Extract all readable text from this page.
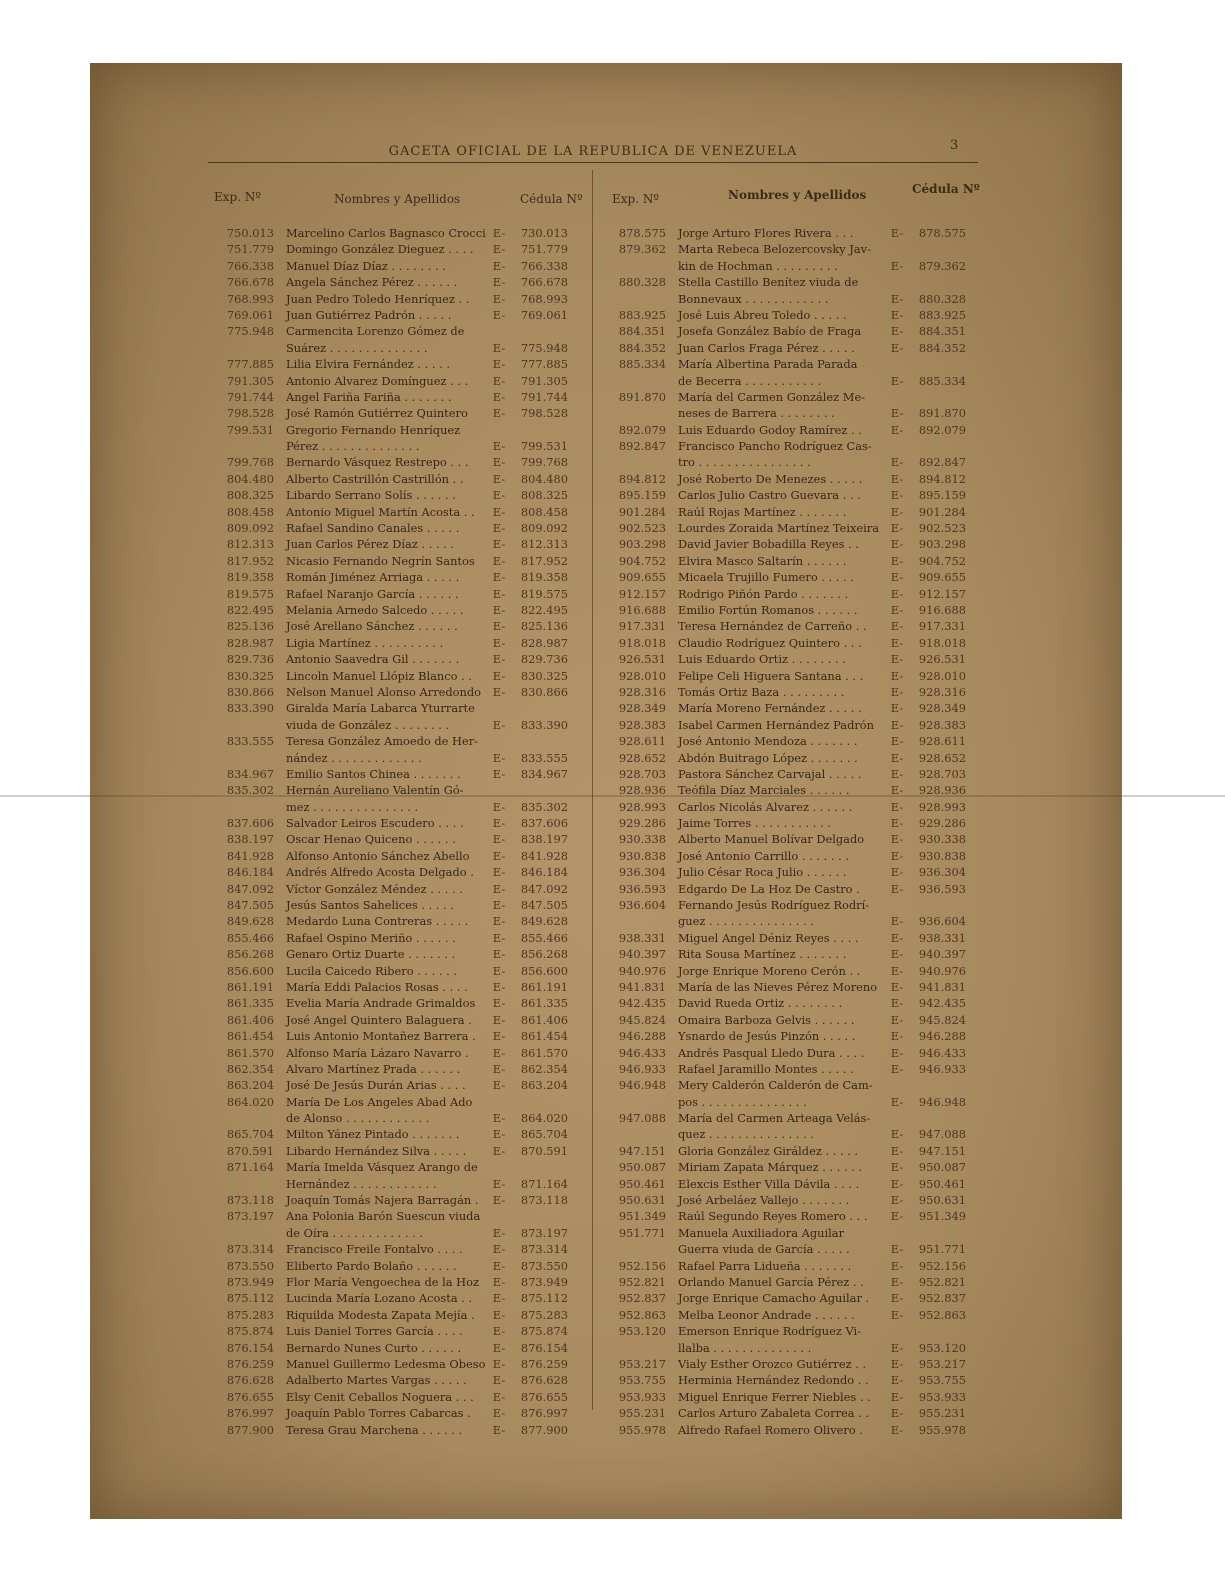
GACETA OFICIAL DE LA REPUBLICA DE VENEZUELA	3
Exp. Nº	Nombres y Apellidos	Cédula Nº Exp. Nº	Nombres y Apellidos	Cédula Nº
750.013	Marcelino Carlos Bagnasco Crocci E-	730.013
751.779	Domingo González Dieguez . . . .	E-	751.779
766.338	Manuel Díaz Díaz . . . . . . . .	E-	766.338
766.678	Angela Sánchez Pérez . . . . . .	E-	766.678
768.993	Juan Pedro Toledo Henríquez . .	E-	768.993
769.061	Juan Gutiérrez Padrón . . . . .	E-	769.061
775.948	Carmencita Lorenzo Gómez de
Suárez . . . . . . . . . . . . . .	E-	775.948
777.885	Lilia Elvira Fernández . . . . .	E-	777.885
791.305	Antonio Alvarez Domínguez . . .	E-	791.305
791.744	Angel Fariña Fariña . . . . . . .	E-	791.744
798.528	José Ramón Gutiérrez Quintero	E-	798.528
799.531	Gregorio Fernando Henríquez
Pérez . . . . . . . . . . . . . .	E-	799.531
799.768	Bernardo Vásquez Restrepo . . .	E-	799.768
804.480	Alberto Castrillón Castrillón . .	E-	804.480
808.325	Libardo Serrano Solís . . . . . .	E-	808.325
808.458	Antonio Miguel Martín Acosta . .	E-	808.458
809.092	Rafael Sandino Canales . . . . .	E-	809.092
812.313	Juan Carlos Pérez Díaz . . . . .	E-	812.313
817.952	Nicasio Fernando Negrín Santos	E-	817.952
819.358	Román Jiménez Arriaga . . . . .	E-	819.358
819.575	Rafael Naranjo García . . . . . .	E-	819.575
822.495	Melania Arnedo Salcedo . . . . .	E-	822.495
825.136	José Arellano Sánchez . . . . . .	E-	825.136
828.987	Ligia Martínez . . . . . . . . . .	E-	828.987
829.736	Antonio Saavedra Gil . . . . . . .	E-	829.736
830.325	Lincoln Manuel Llópiz Blanco . .	E-	830.325
830.866	Nelson Manuel Alonso Arredondo	E-	830.866
833.390	Giralda María Labarca Yturrarte
viuda de González . . . . . . . .	E-	833.390
833.555	Teresa González Amoedo de Her-
nández . . . . . . . . . . . . .	E-	833.555
834.967	Emilio Santos Chinea . . . . . . .	E-	834.967
835.302	Hernán Aureliano Valentín Gó-
mez . . . . . . . . . . . . . . .	E-	835.302
837.606	Salvador Leiros Escudero . . . .	E-	837.606
838.197	Oscar Henao Quiceno . . . . . .	E-	838.197
841.928	Alfonso Antonio Sánchez Abello	E-	841.928
846.184	Andrés Alfredo Acosta Delgado .	E-	846.184
847.092	Víctor González Méndez . . . . .	E-	847.092
847.505	Jesús Santos Sahelices . . . . .	E-	847.505
849.628	Medardo Luna Contreras . . . . .	E-	849.628
855.466	Rafael Ospino Meriño . . . . . .	E-	855.466
856.268	Genaro Ortiz Duarte . . . . . . .	E-	856.268
856.600	Lucila Caicedo Ribero . . . . . .	E-	856.600
861.191	María Eddi Palacios Rosas . . . .	E-	861.191
861.335	Evelia María Andrade Grimaldos	E-	861.335
861.406	José Angel Quintero Balaguera .	E-	861.406
861.454	Luis Antonio Montañez Barrera .	E-	861.454
861.570	Alfonso María Lázaro Navarro .	E-	861.570
862.354	Alvaro Martínez Prada . . . . . .	E-	862.354
863.204	José De Jesús Durán Arias . . . .	E-	863.204
864.020	María De Los Angeles Abad Ado
de Alonso . . . . . . . . . . . .	E-	864.020
865.704	Milton Yánez Pintado . . . . . . .	E-	865.704
870.591	Libardo Hernández Silva . . . . .	E-	870.591
871.164	María Imelda Vásquez Arango de
Hernández . . . . . . . . . . . .	E-	871.164
873.118	Joaquín Tomás Najera Barragán .	E-	873.118
873.197	Ana Polonia Barón Suescun viuda
de Oíra . . . . . . . . . . . . .	E-	873.197
873.314	Francisco Freile Fontalvo . . . .	E-	873.314
873.550	Eliberto Pardo Bolaño . . . . . .	E-	873.550
873.949	Flor María Vengoechea de la Hoz	E-	873.949
875.112	Lucinda María Lozano Acosta . .	E-	875.112
875.283	Riquilda Modesta Zapata Mejía .	E-	875.283
875.874	Luis Daniel Torres García . . . .	E-	875.874
876.154	Bernardo Nunes Curto . . . . . .	E-	876.154
876.259	Manuel Guillermo Ledesma Obeso E-	876.259
876.628	Adalberto Martes Vargas . . . . .	E-	876.628
876.655	Elsy Cenit Ceballos Noguera . . .	E-	876.655
876.997	Joaquín Pablo Torres Cabarcas .	E-	876.997
877.900	Teresa Grau Marchena . . . . . .	E-	877.900
878.575	Jorge Arturo Flores Rivera . . .	E-	878.575
879.362	Marta Rebeca Belozercovsky Jav-
kin de Hochman . . . . . . . . .	E-	879.362
880.328	Stella Castillo Benítez viuda de
Bonnevaux . . . . . . . . . . . .	E-	880.328
883.925	José Luis Abreu Toledo . . . . .	E-	883.925
884.351	Josefa González Babío de Fraga	E-	884.351
884.352	Juan Carlos Fraga Pérez . . . . .	E-	884.352
885.334	María Albertina Parada Parada
de Becerra . . . . . . . . . . .	E-	885.334
891.870	María del Carmen González Me-
neses de Barrera . . . . . . . .	E-	891.870
892.079	Luis Eduardo Godoy Ramírez . .	E-	892.079
892.847	Francisco Pancho Rodríguez Cas-
tro . . . . . . . . . . . . . . . .	E-	892.847
894.812	José Roberto De Menezes . . . . .	E-	894.812
895.159	Carlos Julio Castro Guevara . . .	E-	895.159
901.284	Raúl Rojas Martínez . . . . . . .	E-	901.284
902.523	Lourdes Zoraida Martínez Teixeira	E-	902.523
903.298	David Javier Bobadilla Reyes . .	E-	903.298
904.752	Elvira Masco Saltarín . . . . . .	E-	904.752
909.655	Micaela Trujillo Fumero . . . . .	E-	909.655
912.157	Rodrigo Piñón Pardo . . . . . . .	E-	912.157
916.688	Emilio Fortún Romanos . . . . . .	E-	916.688
917.331	Teresa Hernández de Carreño . .	E-	917.331
918.018	Claudio Rodríguez Quintero . . .	E-	918.018
926.531	Luis Eduardo Ortiz . . . . . . . .	E-	926.531
928.010	Felipe Celi Higuera Santana . . .	E-	928.010
928.316	Tomás Ortiz Baza . . . . . . . . .	E-	928.316
928.349	María Moreno Fernández . . . . .	E-	928.349
928.383	Isabel Carmen Hernández Padrón	E-	928.383
928.611	José Antonio Mendoza . . . . . . .	E-	928.611
928.652	Abdón Buitrago López . . . . . . .	E-	928.652
928.703	Pastora Sánchez Carvajal . . . . .	E-	928.703
928.936	Teófila Díaz Marciales . . . . . .	E-	928.936
928.993	Carlos Nicolás Alvarez . . . . . .	E-	928.993
929.286	Jaime Torres . . . . . . . . . . .	E-	929.286
930.338	Alberto Manuel Bolívar Delgado	E-	930.338
930.838	José Antonio Carrillo . . . . . . .	E-	930.838
936.304	Julio César Roca Julio . . . . . .	E-	936.304
936.593	Edgardo De La Hoz De Castro .	E-	936.593
936.604	Fernando Jesús Rodríguez Rodrí-
guez . . . . . . . . . . . . . . .	E-	936.604
938.331	Miguel Angel Déniz Reyes . . . .	E-	938.331
940.397	Rita Sousa Martínez . . . . . . .	E-	940.397
940.976	Jorge Enrique Moreno Cerón . .	E-	940.976
941.831	María de las Nieves Pérez Moreno	E-	941.831
942.435	David Rueda Ortiz . . . . . . . .	E-	942.435
945.824	Omaira Barboza Gelvis . . . . . .	E-	945.824
946.288	Ysnardo de Jesús Pinzón . . . . .	E-	946.288
946.433	Andrés Pasqual Lledo Dura . . . .	E-	946.433
946.933	Rafael Jaramillo Montes . . . . .	E-	946.933
946.948	Mery Calderón Calderón de Cam-
pos . . . . . . . . . . . . . . .	E-	946.948
947.088	María del Carmen Arteaga Velás-
quez . . . . . . . . . . . . . . .	E-	947.088
947.151	Gloria González Giráldez . . . . .	E-	947.151
950.087	Miriam Zapata Márquez . . . . . .	E-	950.087
950.461	Elexcis Esther Villa Dávila . . . .	E-	950.461
950.631	José Arbeláez Vallejo . . . . . . .	E-	950.631
951.349	Raúl Segundo Reyes Romero . . .	E-	951.349
951.771	Manuela Auxiliadora Aguilar
Guerra viuda de García . . . . .	E-	951.771
952.156	Rafael Parra Lidueña . . . . . . .	E-	952.156
952.821	Orlando Manuel García Pérez . .	E-	952.821
952.837	Jorge Enrique Camacho Aguilar .	E-	952.837
952.863	Melba Leonor Andrade . . . . . .	E-	952.863
953.120	Emerson Enrique Rodríguez Vi-
llalba . . . . . . . . . . . . . .	E-	953.120
953.217	Vialy Esther Orozco Gutiérrez . .	E-	953.217
953.755	Herminia Hernández Redondo . .	E-	953.755
953.933	Miguel Enrique Ferrer Niebles . .	E-	953.933
955.231	Carlos Arturo Zabaleta Correa . .	E-	955.231
955.978	Alfredo Rafael Romero Olivero .	E-	955.978
